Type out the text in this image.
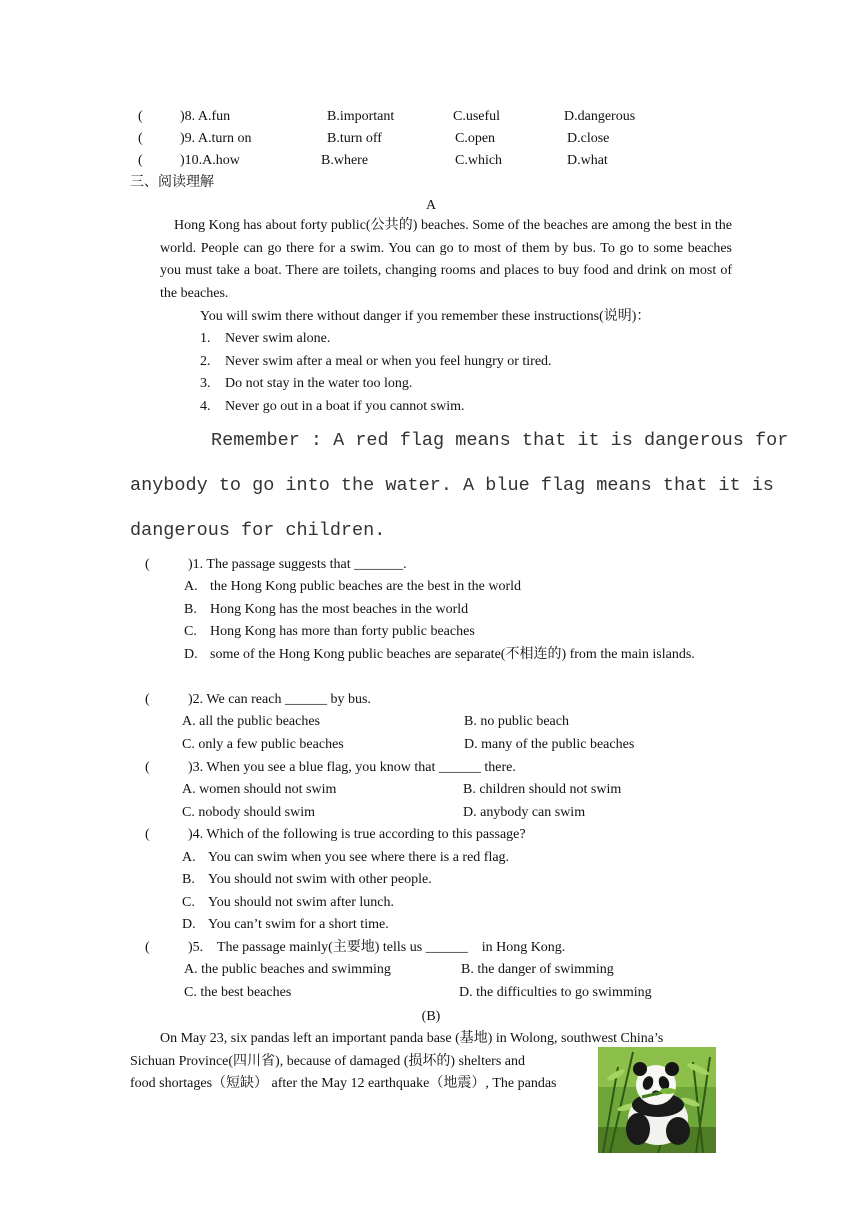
(	)8. A.fun	B.important	C.useful	D.dangerous
(	)9. A.turn on	B.turn off	C.open	D.close
(	)10.A.how	B.where	C.which	D.what
三、阅读理解
A
Hong Kong has about forty public(公共的) beaches. Some of the beaches are among the best in the world. People can go there for a swim. You can go to most of them by bus. To go to some beaches you must take a boat. There are toilets, changing rooms and places to buy food and drink on most of the beaches.
You will swim there without danger if you remember these instructions(说明)：
1. Never swim alone.
2. Never swim after a meal or when you feel hungry or tired.
3. Do not stay in the water too long.
4. Never go out in a boat if you cannot swim.
Remember : A red flag means that it is dangerous for
anybody to go into the water. A blue flag means that it is
dangerous for children.
(	)1. The passage suggests that _______.
A. the Hong Kong public beaches are the best in the world
B. Hong Kong has the most beaches in the world
C. Hong Kong has more than forty public beaches
D. some of the Hong Kong public beaches are separate(不相连的) from the main islands.
(	)2. We can reach ______ by bus.
A. all the public beaches	B. no public beach
C. only a few public beaches	D. many of the public beaches
(	)3. When you see a blue flag, you know that ______ there.
A. women should not swim	B. children should not swim
C. nobody should swim	D. anybody can swim
(	)4. Which of the following is true according to this passage?
A. You can swim when you see where there is a red flag.
B. You should not swim with other people.
C. You should not swim after lunch.
D. You can’t swim for a short time.
(	)5.    The passage mainly(主要地) tells us ______    in Hong Kong.
A. the public beaches and swimming	B. the danger of swimming
C. the best beaches	D. the difficulties to go swimming
(B)
On May 23, six pandas left an important panda base (基地) in Wolong, southwest China’s
Sichuan Province(四川省), because of damaged (损坏的) shelters and
food shortages（短缺） after the May 12 earthquake（地震）, The pandas
